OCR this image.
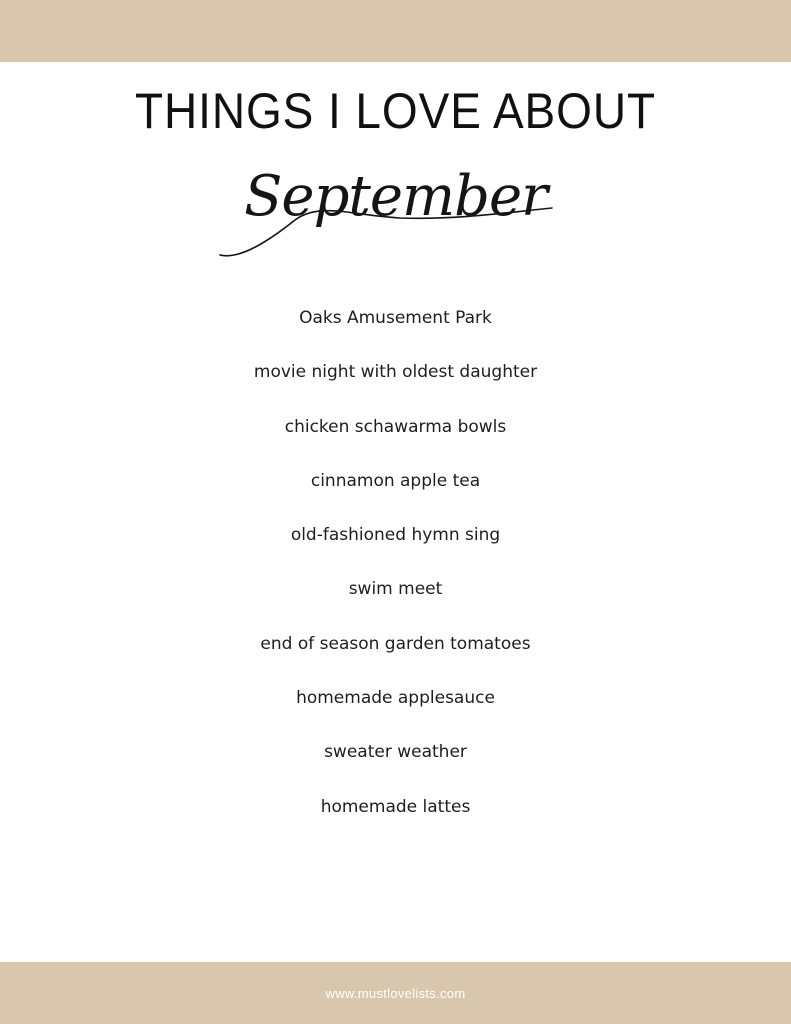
THINGS I LOVE ABOUT
September
Oaks Amusement Park
movie night with oldest daughter
chicken schawarma bowls
cinnamon apple tea
old-fashioned hymn sing
swim meet
end of season garden tomatoes
homemade applesauce
sweater weather
homemade lattes
www.mustlovelists.com
